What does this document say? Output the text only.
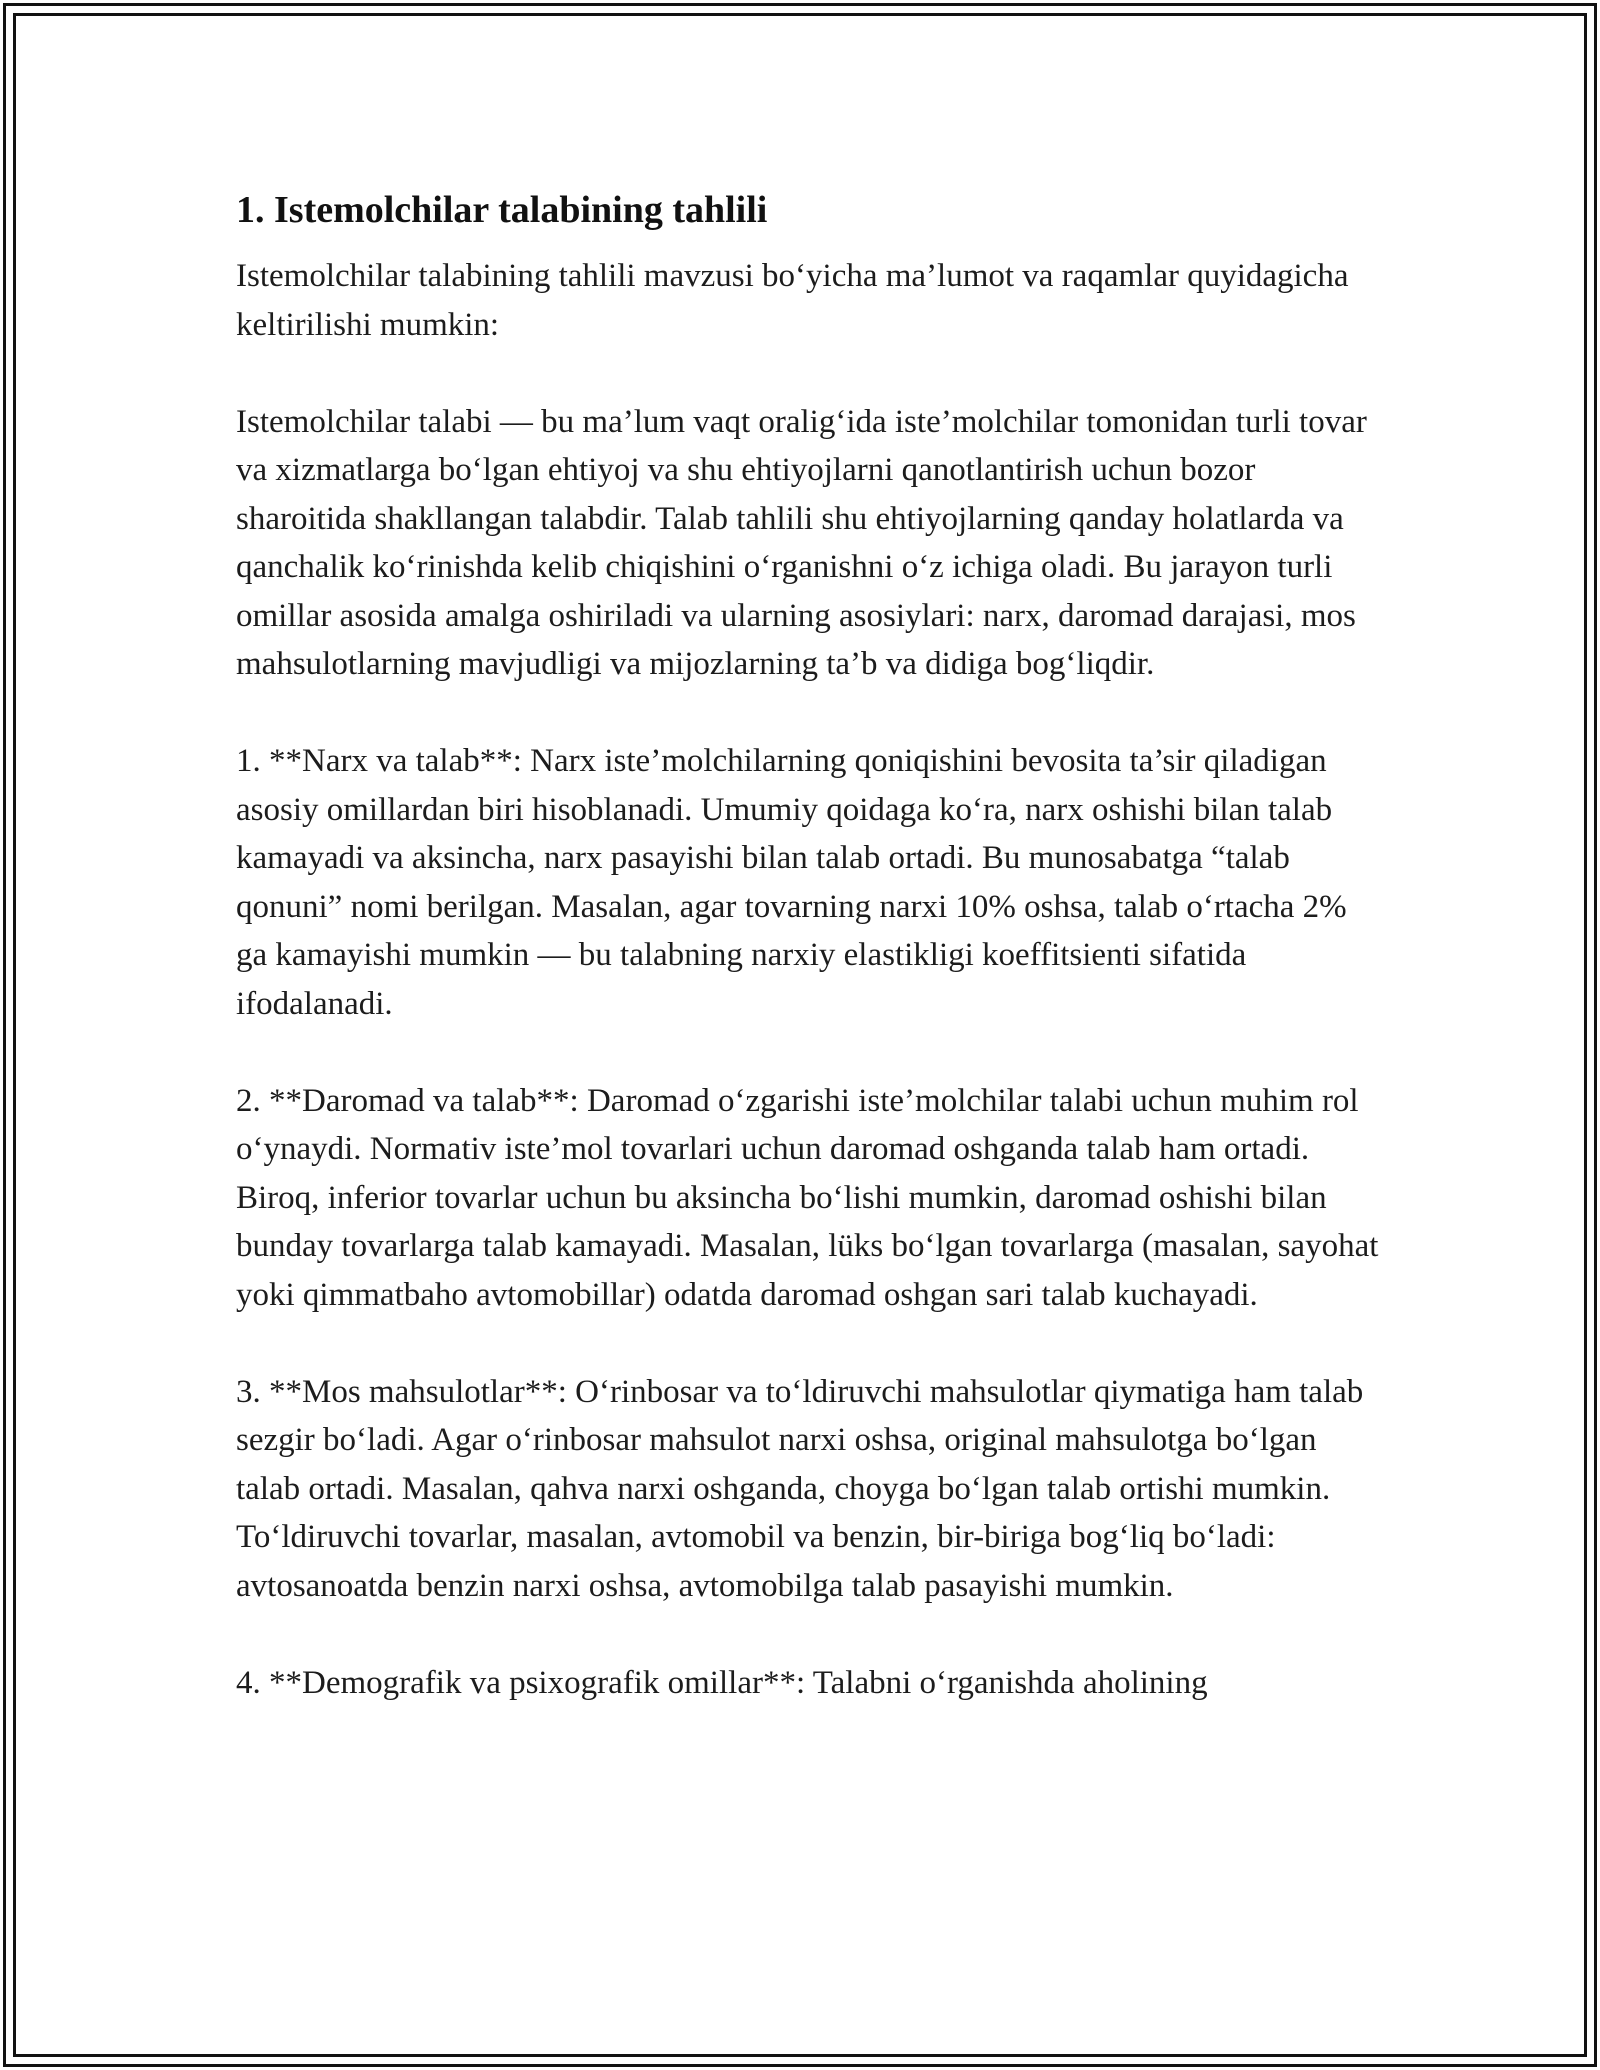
1. Istemolchilar talabining tahlili

Istemolchilar talabining tahlili mavzusi bo‘yicha ma’lumot va raqamlar quyidagicha keltirilishi mumkin:

Istemolchilar talabi — bu ma’lum vaqt oralig‘ida iste’molchilar tomonidan turli tovar va xizmatlarga bo‘lgan ehtiyoj va shu ehtiyojlarni qanotlantirish uchun bozor sharoitida shakllangan talabdir. Talab tahlili shu ehtiyojlarning qanday holatlarda va qanchalik ko‘rinishda kelib chiqishini o‘rganishni o‘z ichiga oladi. Bu jarayon turli omillar asosida amalga oshiriladi va ularning asosiylari: narx, daromad darajasi, mos mahsulotlarning mavjudligi va mijozlarning ta’b va didiga bog‘liqdir.

1. **Narx va talab**: Narx iste’molchilarning qoniqishini bevosita ta’sir qiladigan asosiy omillardan biri hisoblanadi. Umumiy qoidaga ko‘ra, narx oshishi bilan talab kamayadi va aksincha, narx pasayishi bilan talab ortadi. Bu munosabatga “talab qonuni” nomi berilgan. Masalan, agar tovarning narxi 10% oshsa, talab o‘rtacha 2% ga kamayishi mumkin — bu talabning narxiy elastikligi koeffitsienti sifatida ifodalanadi.

2. **Daromad va talab**: Daromad o‘zgarishi iste’molchilar talabi uchun muhim rol o‘ynaydi. Normativ iste’mol tovarlari uchun daromad oshganda talab ham ortadi. Biroq, inferior tovarlar uchun bu aksincha bo‘lishi mumkin, daromad oshishi bilan bunday tovarlarga talab kamayadi. Masalan, lüks bo‘lgan tovarlarga (masalan, sayohat yoki qimmatbaho avtomobillar) odatda daromad oshgan sari talab kuchayadi.

3. **Mos mahsulotlar**: O‘rinbosar va to‘ldiruvchi mahsulotlar qiymatiga ham talab sezgir bo‘ladi. Agar o‘rinbosar mahsulot narxi oshsa, original mahsulotga bo‘lgan talab ortadi. Masalan, qahva narxi oshganda, choyga bo‘lgan talab ortishi mumkin. To‘ldiruvchi tovarlar, masalan, avtomobil va benzin, bir-biriga bog‘liq bo‘ladi: avtosanoatda benzin narxi oshsa, avtomobilga talab pasayishi mumkin.

4. **Demografik va psixografik omillar**: Talabni o‘rganishda aholining
